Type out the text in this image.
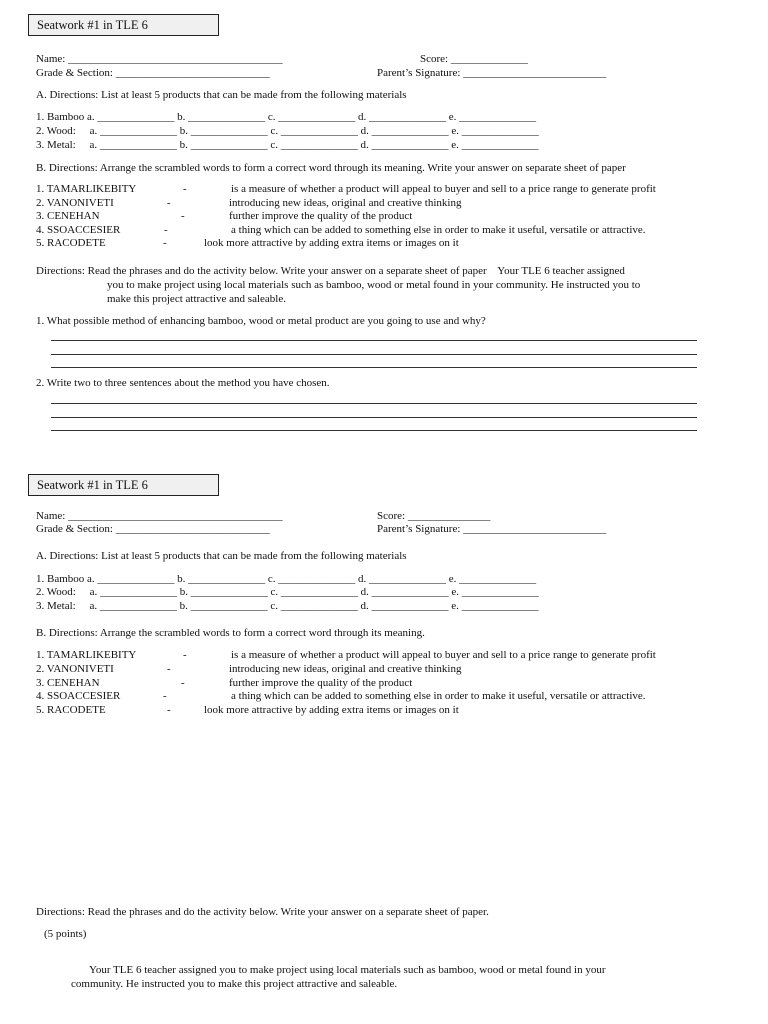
Seatwork #1 in TLE 6
Name: _______________________________________	Score: ______________
Grade & Section: ____________________________	Parent’s Signature: __________________________
A. Directions: List at least 5 products that can be made from the following materials
1. Bamboo a. ______________ b. ______________ c. ______________ d. ______________ e. ______________
2. Wood:     a. ______________ b. ______________ c. ______________ d. ______________ e. ______________
3. Metal:     a. ______________ b. ______________ c. ______________ d. ______________ e. ______________
B. Directions: Arrange the scrambled words to form a correct word through its meaning. Write your answer on separate sheet of paper
1. TAMARLIKEBITY	-	is a measure of whether a product will appeal to buyer and sell to a price range to generate profit
2. VANONIVETI	-	introducing new ideas, original and creative thinking
3. CENEHAN	-	further improve the quality of the product
4. SSOACCESIER	-	a thing which can be added to something else in order to make it useful, versatile or attractive.
5. RACODETE	-	look more attractive by adding extra items or images on it
Directions: Read the phrases and do the activity below. Write your answer on a separate sheet of paper    Your TLE 6 teacher assigned
you to make project using local materials such as bamboo, wood or metal found in your community. He instructed you to
make this project attractive and saleable.
1. What possible method of enhancing bamboo, wood or metal product are you going to use and why?
2. Write two to three sentences about the method you have chosen.
Seatwork #1 in TLE 6
Name: _______________________________________	Score: _______________
Grade & Section: ____________________________	Parent’s Signature: __________________________
A. Directions: List at least 5 products that can be made from the following materials
1. Bamboo a. ______________ b. ______________ c. ______________ d. ______________ e. ______________
2. Wood:     a. ______________ b. ______________ c. ______________ d. ______________ e. ______________
3. Metal:     a. ______________ b. ______________ c. ______________ d. ______________ e. ______________
B. Directions: Arrange the scrambled words to form a correct word through its meaning.
1. TAMARLIKEBITY	-	is a measure of whether a product will appeal to buyer and sell to a price range to generate profit
2. VANONIVETI	-	introducing new ideas, original and creative thinking
3. CENEHAN	-	further improve the quality of the product
4. SSOACCESIER	-	a thing which can be added to something else in order to make it useful, versatile or attractive.
5. RACODETE	-	look more attractive by adding extra items or images on it
Directions: Read the phrases and do the activity below. Write your answer on a separate sheet of paper.
(5 points)
Your TLE 6 teacher assigned you to make project using local materials such as bamboo, wood or metal found in your
community. He instructed you to make this project attractive and saleable.
